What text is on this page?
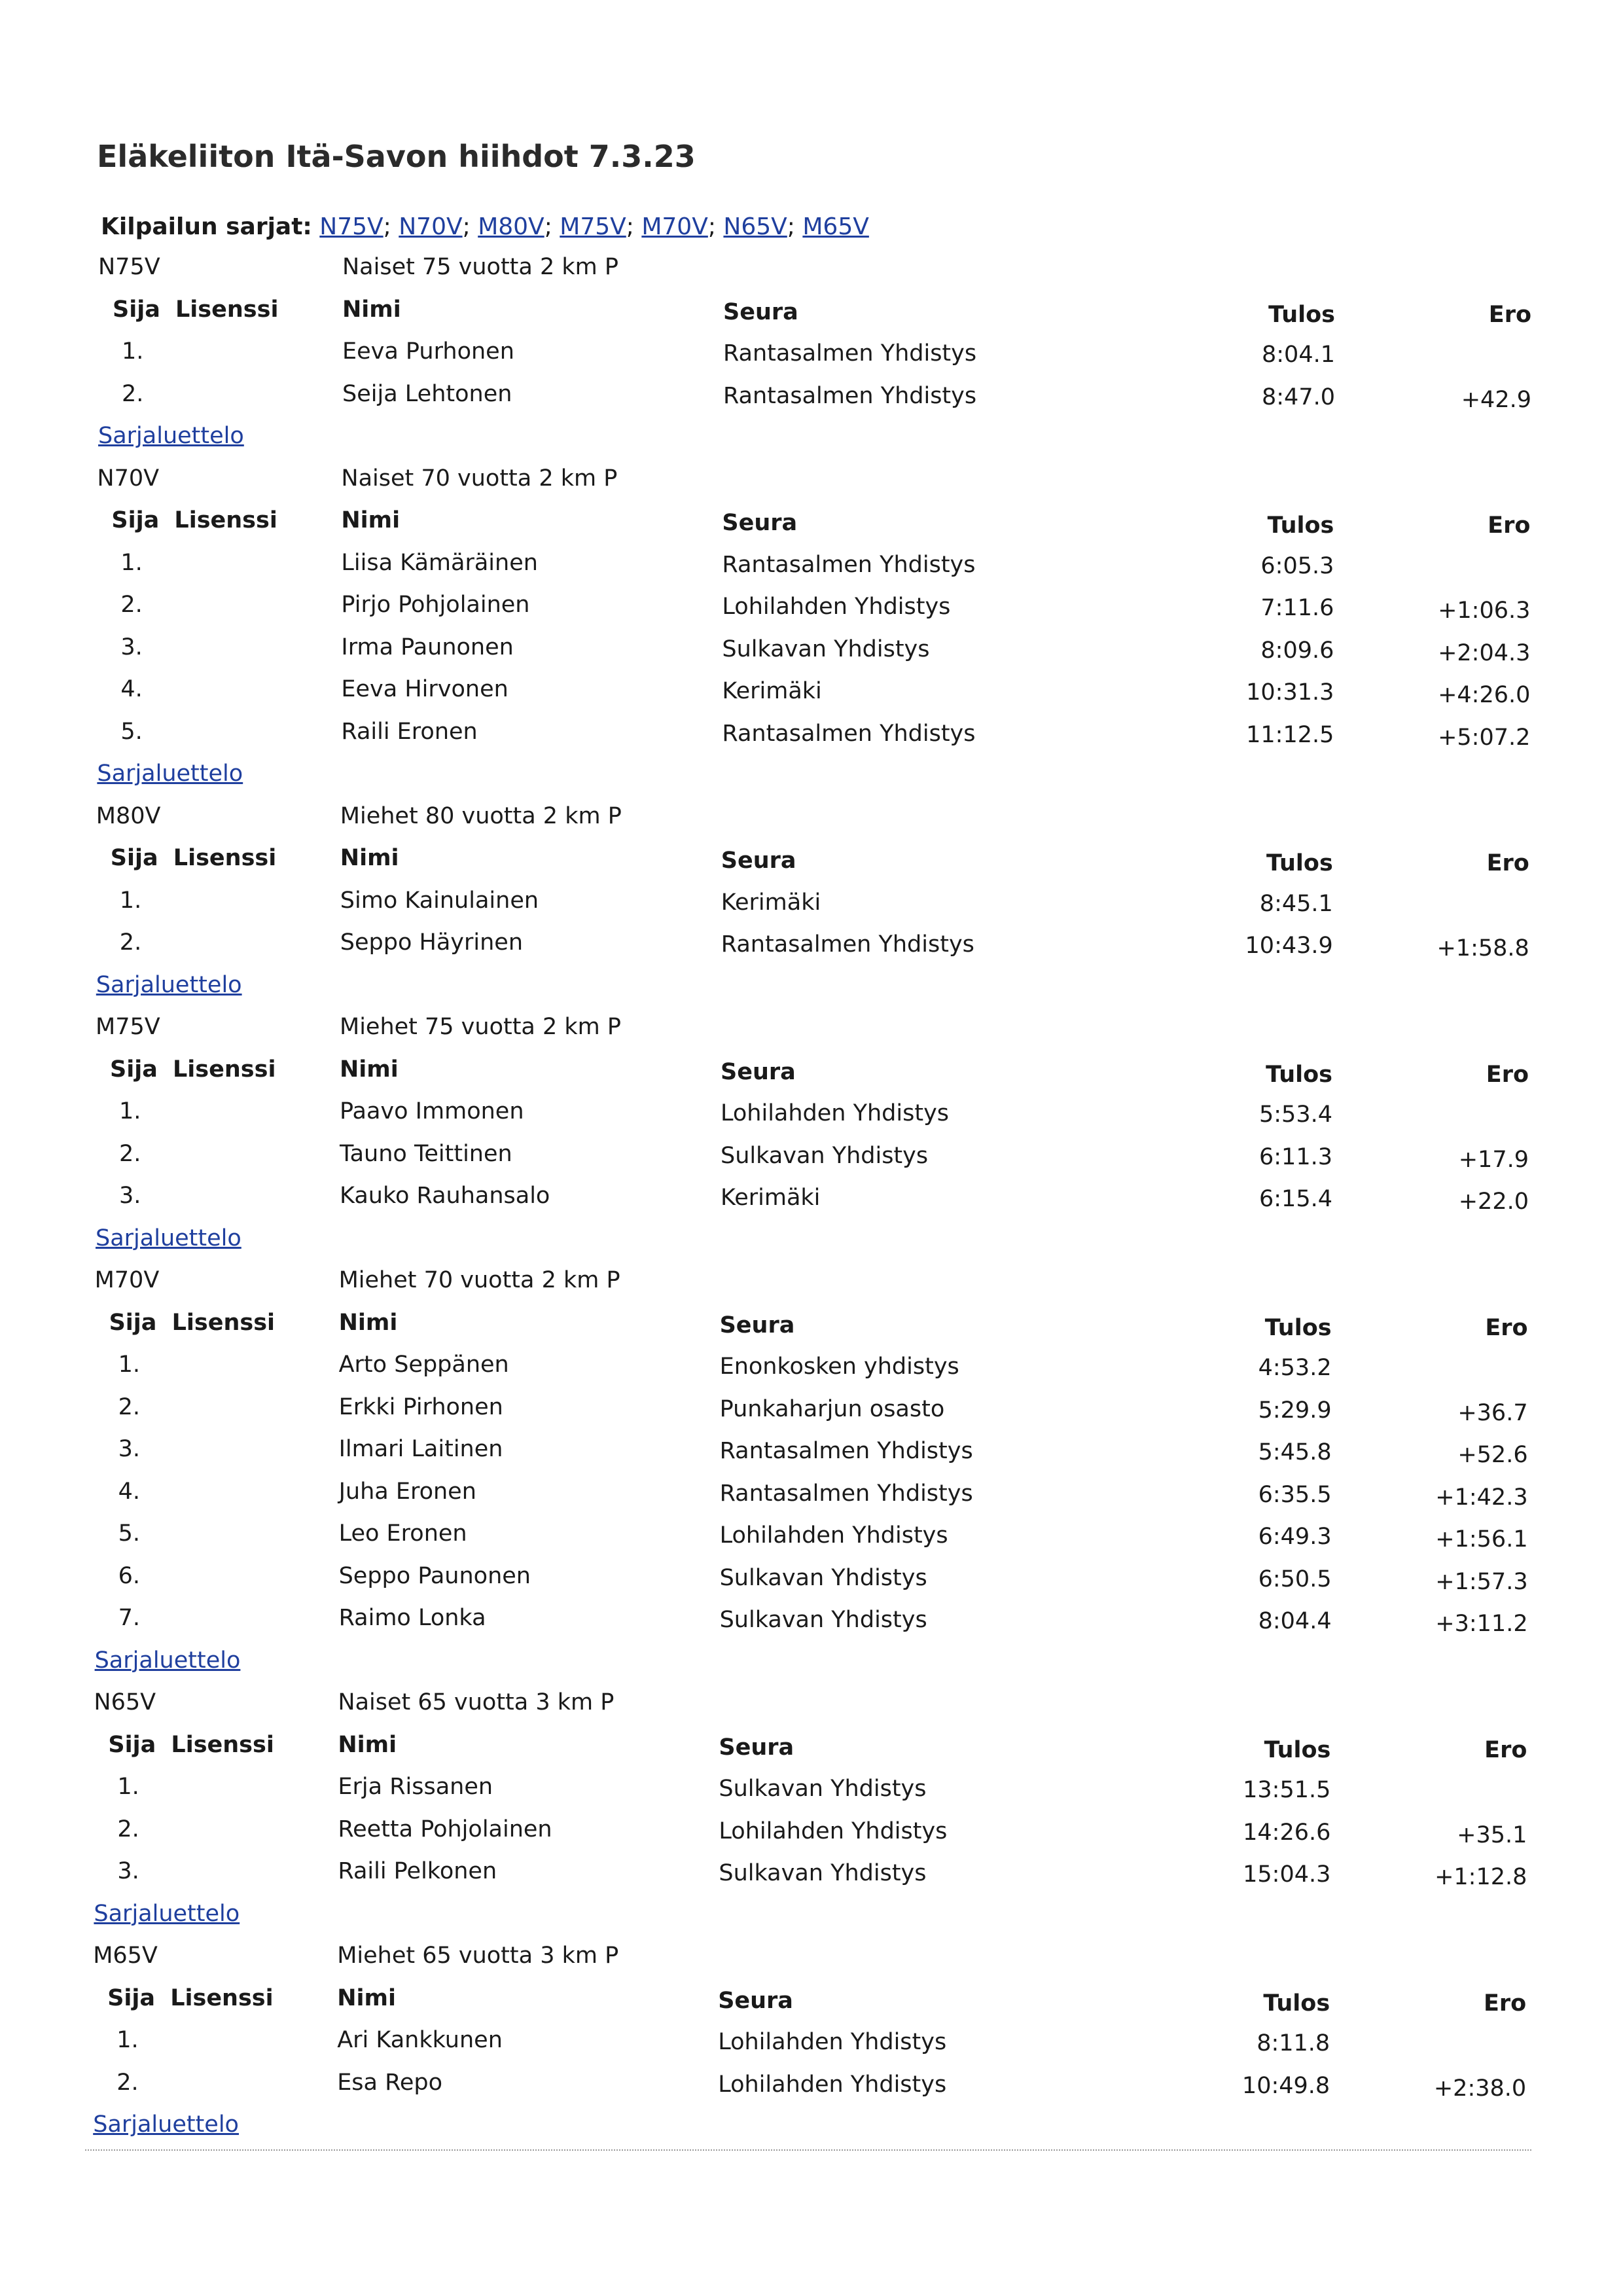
Eläkeliiton Itä-Savon hiihdot 7.3.23
Kilpailun sarjat: N75V; N70V; M80V; M75V; M70V; N65V; M65V
N75V	Naiset 75 vuotta 2 km P
Sija Lisenssi	Nimi	Seura	Tulos	Ero
1.	Eeva Purhonen	Rantasalmen Yhdistys	8:04.1
2.	Seija Lehtonen	Rantasalmen Yhdistys	8:47.0	+42.9
Sarjaluettelo
N70V	Naiset 70 vuotta 2 km P
Sija Lisenssi	Nimi	Seura	Tulos	Ero
1.	Liisa Kämäräinen	Rantasalmen Yhdistys	6:05.3
2.	Pirjo Pohjolainen	Lohilahden Yhdistys	7:11.6	+1:06.3
3.	Irma Paunonen	Sulkavan Yhdistys	8:09.6	+2:04.3
4.	Eeva Hirvonen	Kerimäki	10:31.3	+4:26.0
5.	Raili Eronen	Rantasalmen Yhdistys	11:12.5	+5:07.2
Sarjaluettelo
M80V	Miehet 80 vuotta 2 km P
Sija Lisenssi	Nimi	Seura	Tulos	Ero
1.	Simo Kainulainen	Kerimäki	8:45.1
2.	Seppo Häyrinen	Rantasalmen Yhdistys	10:43.9	+1:58.8
Sarjaluettelo
M75V	Miehet 75 vuotta 2 km P
Sija Lisenssi	Nimi	Seura	Tulos	Ero
1.	Paavo Immonen	Lohilahden Yhdistys	5:53.4
2.	Tauno Teittinen	Sulkavan Yhdistys	6:11.3	+17.9
3.	Kauko Rauhansalo	Kerimäki	6:15.4	+22.0
Sarjaluettelo
M70V	Miehet 70 vuotta 2 km P
Sija Lisenssi	Nimi	Seura	Tulos	Ero
1.	Arto Seppänen	Enonkosken yhdistys	4:53.2
2.	Erkki Pirhonen	Punkaharjun osasto	5:29.9	+36.7
3.	Ilmari Laitinen	Rantasalmen Yhdistys	5:45.8	+52.6
4.	Juha Eronen	Rantasalmen Yhdistys	6:35.5	+1:42.3
5.	Leo Eronen	Lohilahden Yhdistys	6:49.3	+1:56.1
6.	Seppo Paunonen	Sulkavan Yhdistys	6:50.5	+1:57.3
7.	Raimo Lonka	Sulkavan Yhdistys	8:04.4	+3:11.2
Sarjaluettelo
N65V	Naiset 65 vuotta 3 km P
Sija Lisenssi	Nimi	Seura	Tulos	Ero
1.	Erja Rissanen	Sulkavan Yhdistys	13:51.5
2.	Reetta Pohjolainen	Lohilahden Yhdistys	14:26.6	+35.1
3.	Raili Pelkonen	Sulkavan Yhdistys	15:04.3	+1:12.8
Sarjaluettelo
M65V	Miehet 65 vuotta 3 km P
Sija Lisenssi	Nimi	Seura	Tulos	Ero
1.	Ari Kankkunen	Lohilahden Yhdistys	8:11.8
2.	Esa Repo	Lohilahden Yhdistys	10:49.8	+2:38.0
Sarjaluettelo
